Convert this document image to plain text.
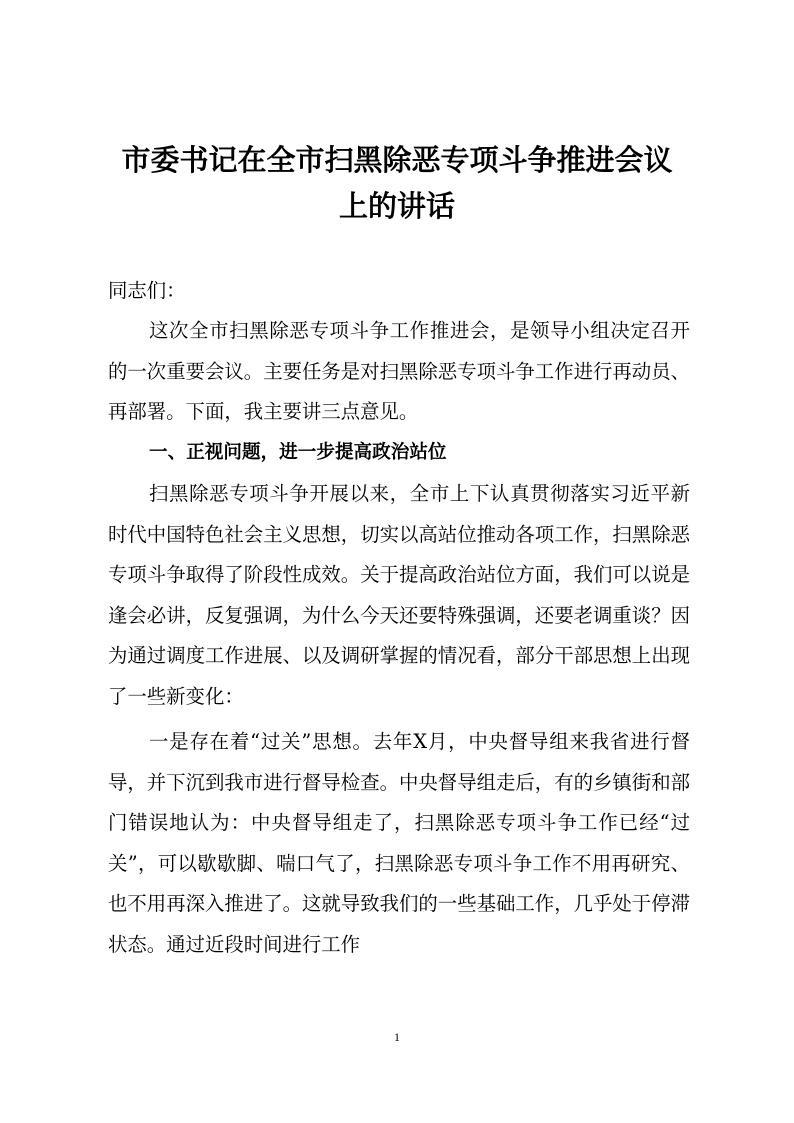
市委书记在全市扫黑除恶专项斗争推进会议
上的讲话

同志们：

这次全市扫黑除恶专项斗争工作推进会，是领导小组决定召开的一次重要会议。主要任务是对扫黑除恶专项斗争工作进行再动员、再部署。下面，我主要讲三点意见。

一、正视问题，进一步提高政治站位

扫黑除恶专项斗争开展以来，全市上下认真贯彻落实习近平新时代中国特色社会主义思想，切实以高站位推动各项工作，扫黑除恶专项斗争取得了阶段性成效。关于提高政治站位方面，我们可以说是逢会必讲，反复强调，为什么今天还要特殊强调，还要老调重谈？因为通过调度工作进展、以及调研掌握的情况看，部分干部思想上出现了一些新变化：

一是存在着“过关”思想。去年X月，中央督导组来我省进行督导，并下沉到我市进行督导检查。中央督导组走后，有的乡镇街和部门错误地认为：中央督导组走了，扫黑除恶专项斗争工作已经“过关”，可以歇歇脚、喘口气了，扫黑除恶专项斗争工作不用再研究、也不用再深入推进了。这就导致我们的一些基础工作，几乎处于停滞状态。通过近段时间进行工作

1
